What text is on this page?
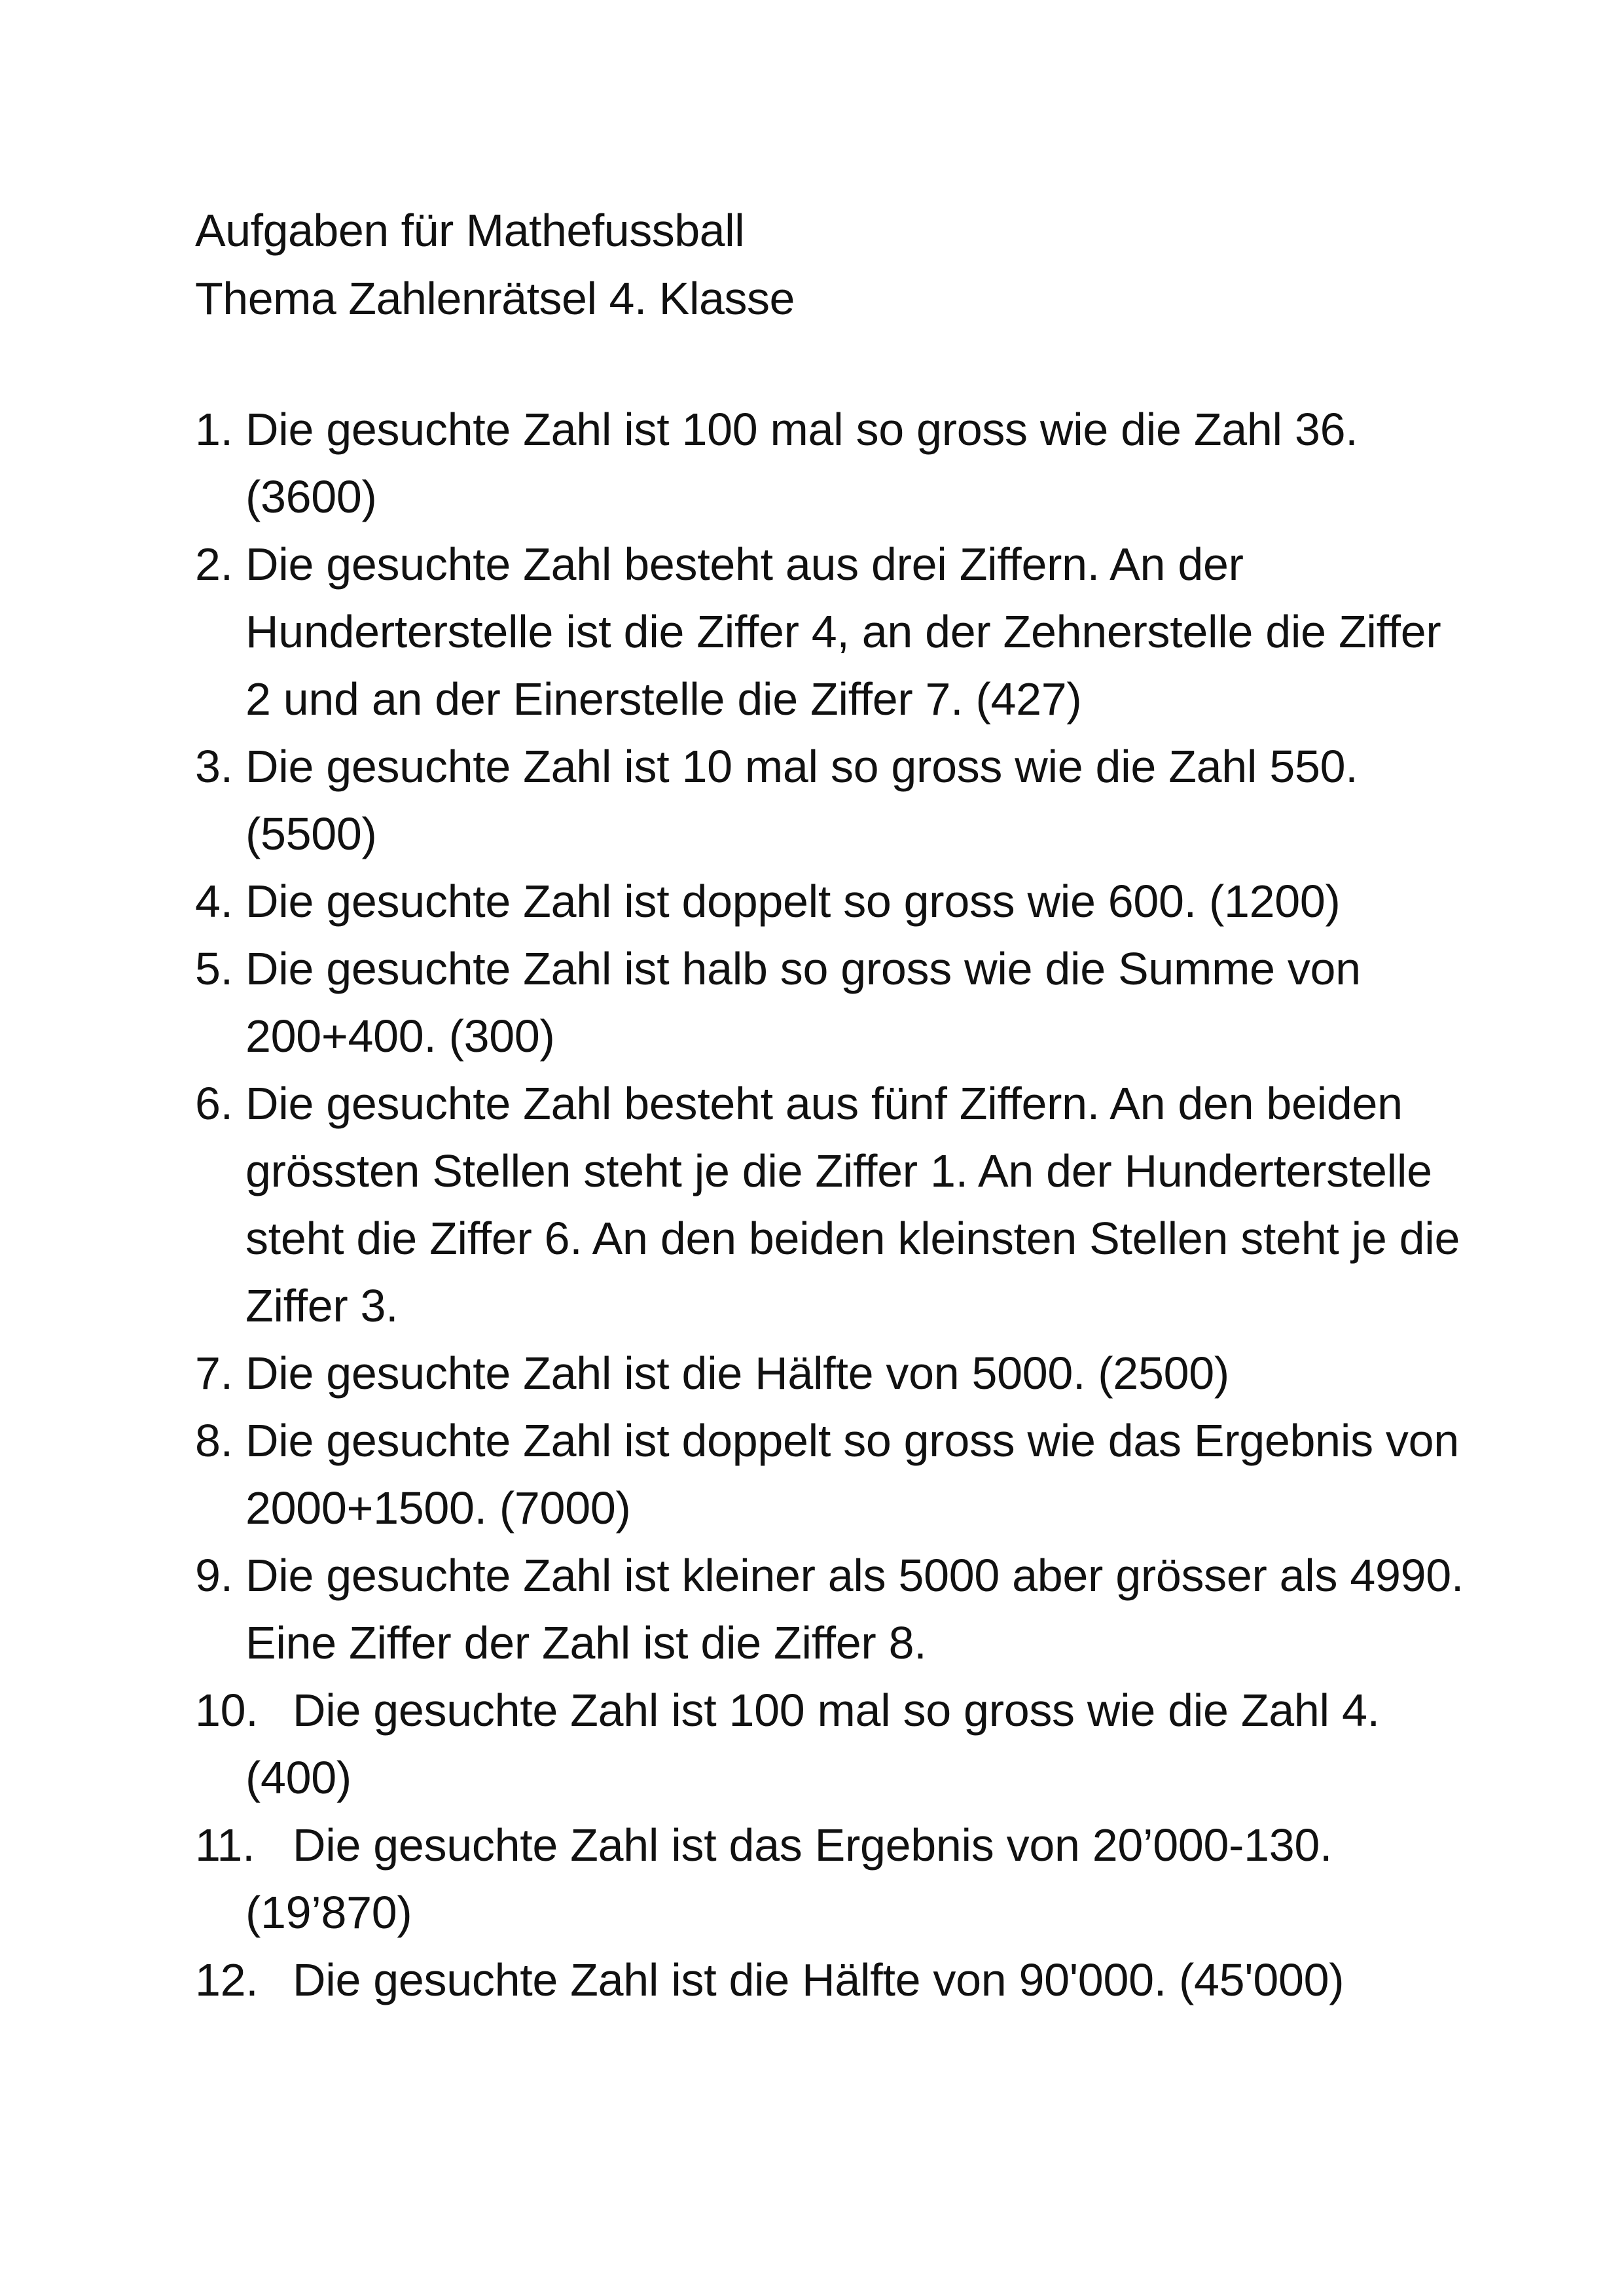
Aufgaben für Mathefussball
Thema Zahlenrätsel 4. Klasse
1. Die gesuchte Zahl ist 100 mal so gross wie die Zahl 36. (3600)
2. Die gesuchte Zahl besteht aus drei Ziffern. An der Hunderterstelle ist die Ziffer 4, an der Zehnerstelle die Ziffer 2 und an der Einerstelle die Ziffer 7. (427)
3. Die gesuchte Zahl ist 10 mal so gross wie die Zahl 550. (5500)
4. Die gesuchte Zahl ist doppelt so gross wie 600. (1200)
5. Die gesuchte Zahl ist halb so gross wie die Summe von 200+400. (300)
6. Die gesuchte Zahl besteht aus fünf Ziffern. An den beiden grössten Stellen steht je die Ziffer 1. An der Hunderterstelle steht die Ziffer 6. An den beiden kleinsten Stellen steht je die Ziffer 3.
7. Die gesuchte Zahl ist die Hälfte von 5000. (2500)
8. Die gesuchte Zahl ist doppelt so gross wie das Ergebnis von 2000+1500. (7000)
9. Die gesuchte Zahl ist kleiner als 5000 aber grösser als 4990. Eine Ziffer der Zahl ist die Ziffer 8.
10. Die gesuchte Zahl ist 100 mal so gross wie die Zahl 4. (400)
11. Die gesuchte Zahl ist das Ergebnis von 20’000-130. (19’870)
12. Die gesuchte Zahl ist die Hälfte von 90'000. (45'000)
